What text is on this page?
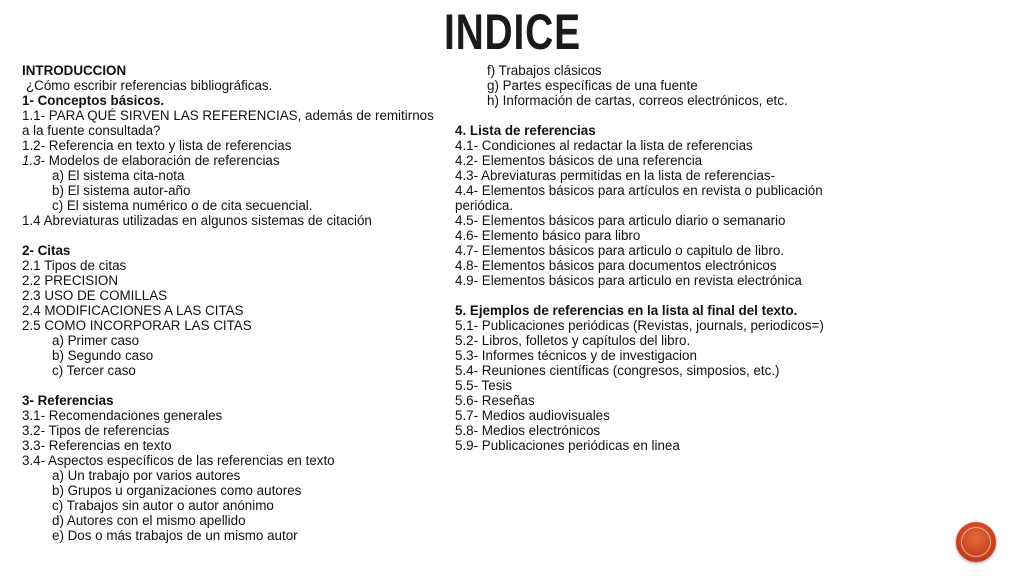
INDICE
INTRODUCCION
¿Cómo escribir referencias bibliográficas.
1- Conceptos básicos.
1.1- PARA QUÉ SIRVEN LAS REFERENCIAS, además de remitirnos
a la fuente consultada?
1.2- Referencia en texto y lista de referencias
1.3- Modelos de elaboración de referencias
a) El sistema cita-nota
b) El sistema autor-año
c) El sistema numérico o de cita secuencial.
1.4 Abreviaturas utilizadas en algunos sistemas de citación
2- Citas
2.1 Tipos de citas
2.2 PRECISION
2.3 USO DE COMILLAS
2.4 MODIFICACIONES A LAS CITAS
2.5 COMO INCORPORAR LAS CITAS
a) Primer caso
b) Segundo caso
c) Tercer caso
3- Referencias
3.1- Recomendaciones generales
3.2- Tipos de referencias
3.3- Referencias en texto
3.4- Aspectos específicos de las referencias en texto
a) Un trabajo por varios autores
b) Grupos u organizaciones como autores
c) Trabajos sin autor o autor anónimo
d) Autores con el mismo apellido
e) Dos o más trabajos de un mismo autor
f) Trabajos clásicos
g) Partes específicas de una fuente
h) Información de cartas, correos electrónicos, etc.
4. Lista de referencias
4.1- Condiciones al redactar la lista de referencias
4.2- Elementos básicos de una referencia
4.3- Abreviaturas permitidas en la lista de referencias-
4.4- Elementos básicos para artículos en revista o publicación
periódica.
4.5- Elementos básicos para articulo diario o semanario
4.6- Elemento básico para libro
4.7- Elementos básicos para articulo o capitulo de libro.
4.8- Elementos básicos para documentos electrónicos
4.9- Elementos básicos para articulo en revista electrónica
5. Ejemplos de referencias en la lista al final del texto.
5.1- Publicaciones periódicas (Revistas, journals, periodicos=)
5.2- Libros, folletos y capítulos del libro.
5.3- Informes técnicos y de investigacion
5.4- Reuniones científicas (congresos, simposios, etc.)
5.5- Tesis
5.6- Reseñas
5.7- Medios audiovisuales
5.8- Medios electrónicos
5.9- Publicaciones periódicas en linea
